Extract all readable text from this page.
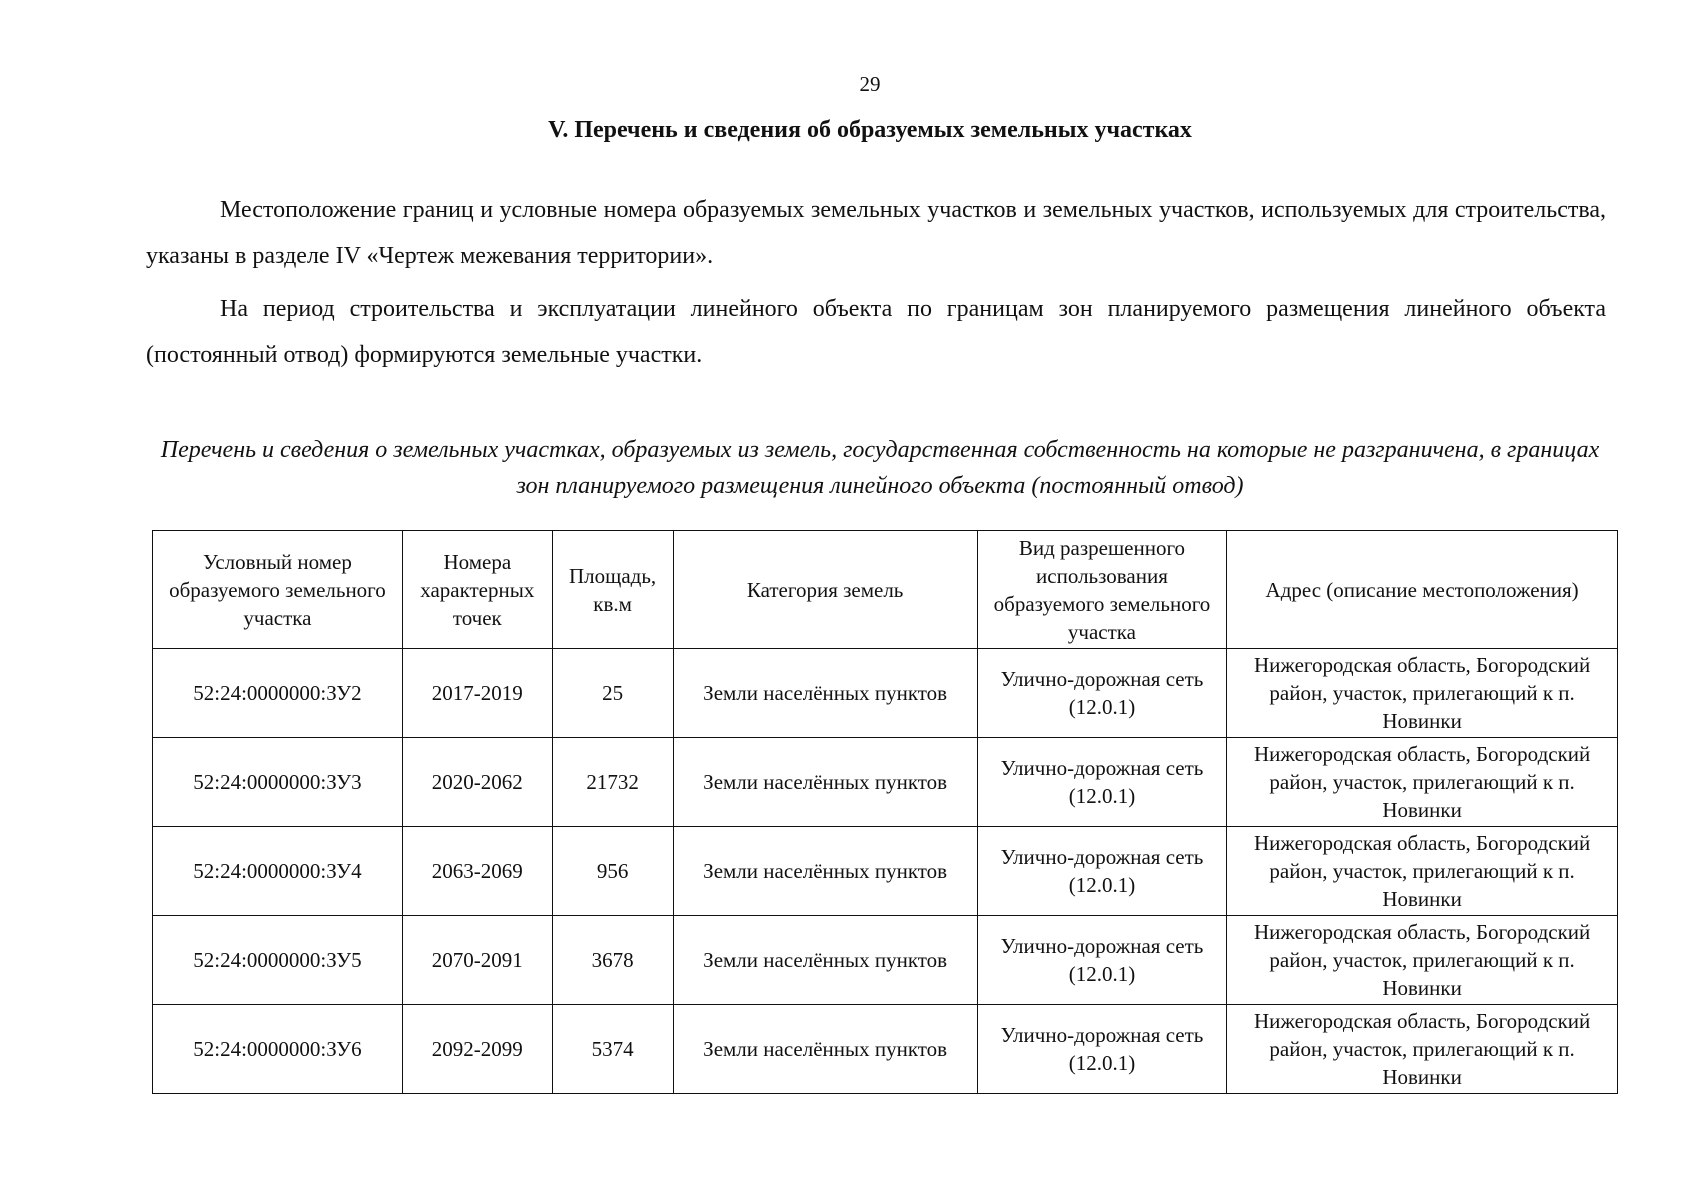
29
V. Перечень и сведения об образуемых земельных участках

Местоположение границ и условные номера образуемых земельных участков и земельных участков, используемых для строительства, указаны в разделе IV «Чертеж межевания территории».

На период строительства и эксплуатации линейного объекта по границам зон планируемого размещения линейного объекта (постоянный отвод) формируются земельные участки.

Перечень и сведения о земельных участках, образуемых из земель, государственная собственность на которые не разграничена, в границах зон планируемого размещения линейного объекта (постоянный отвод)

Условный номер образуемого земельного участка	Номера характерных точек	Площадь, кв.м	Категория земель	Вид разрешенного использования образуемого земельного участка	Адрес (описание местоположения)
52:24:0000000:ЗУ2	2017-2019	25	Земли населённых пунктов	Улично-дорожная сеть (12.0.1)	Нижегородская область, Богородский район, участок, прилегающий к п. Новинки
52:24:0000000:ЗУ3	2020-2062	21732	Земли населённых пунктов	Улично-дорожная сеть (12.0.1)	Нижегородская область, Богородский район, участок, прилегающий к п. Новинки
52:24:0000000:ЗУ4	2063-2069	956	Земли населённых пунктов	Улично-дорожная сеть (12.0.1)	Нижегородская область, Богородский район, участок, прилегающий к п. Новинки
52:24:0000000:ЗУ5	2070-2091	3678	Земли населённых пунктов	Улично-дорожная сеть (12.0.1)	Нижегородская область, Богородский район, участок, прилегающий к п. Новинки
52:24:0000000:ЗУ6	2092-2099	5374	Земли населённых пунктов	Улично-дорожная сеть (12.0.1)	Нижегородская область, Богородский район, участок, прилегающий к п. Новинки
